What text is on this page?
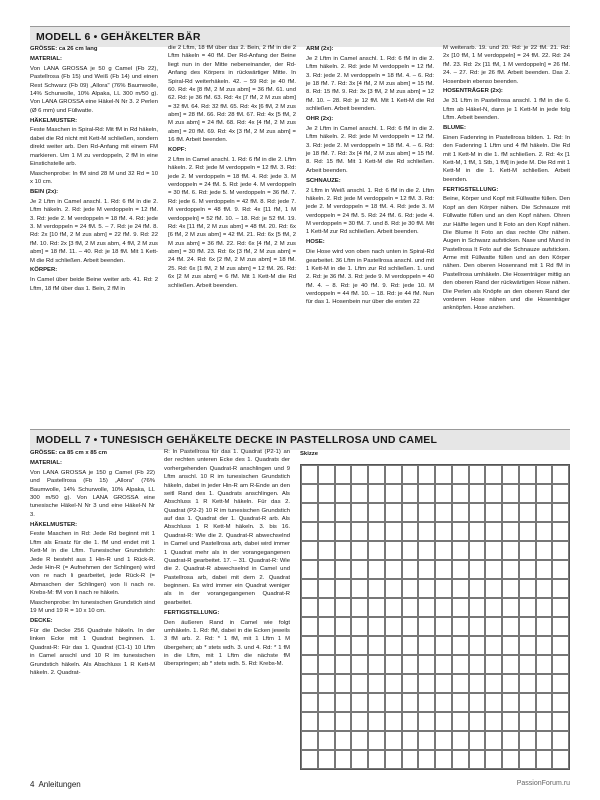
MODELL 6 • GEHÄKELTER BÄR

GRÖSSE: ca 26 cm lang

MATERIAL:

Von LANA GROSSA je 50 g Camel (Fb 22), Pastellrosa (Fb 15) und Weiß (Fb 14) und einen Rest Schwarz (Fb 09) „Allora" (76% Baumwolle, 14% Schurwolle, 10% Alpaka, LL 300 m/50 g). Von LANA GROSSA eine Häkel-N Nr 3. 2 Perlen (Ø 6 mm) und Füllwatte.

HÄKELMUSTER:

Feste Maschen in Spiral-Rd: Mit fM in Rd häkeln, dabei die Rd nicht mit Kett-M schließen, sondern direkt weiter arb. Den Rd-Anfang mit einem FM markieren. Um 1 M zu verdoppeln, 2 fM in eine Einstichstelle arb.

Maschenprobe: In fM sind 28 M und 32 Rd = 10 x 10 cm.

BEIN (2x):

Je 2 Lftm in Camel anschl. 1. Rd: 6 fM in die 2. Lftm häkeln. 2. Rd: jede M verdoppeln = 12 fM. 3. Rd: jede 2. M verdoppeln = 18 fM. 4. Rd: jede 3. M verdoppeln = 24 fM. 5. – 7. Rd: je 24 fM. 8. Rd: 2x [10 fM, 2 M zus abm] = 22 fM. 9. Rd: 22 fM. 10. Rd: 2x [3 fM, 2 M zus abm, 4 fM, 2 M zus abm] = 18 fM. 11. – 40. Rd: je 18 fM. Mit 1 Kett-M die Rd schließen. Arbeit beenden.

KÖRPER:

In Camel über beide Beine weiter arb. 41. Rd: 2 Lftm, 18 fM über das 1. Bein, 2 fM in

die 2 Lftm, 18 fM über das 2. Bein, 2 fM in die 2 Lftm häkeln = 40 fM. Der Rd-Anfang der Beine liegt nun in der Mitte nebeneinander, der Rd-Anfang des Körpers in rückwärtiger Mitte. In Spiral-Rd weiterhäkeln. 42. – 59 Rd: je 40 fM. 60. Rd: 4x [8 fM, 2 M zus abm] = 36 fM. 61. und 62. Rd: je 36 fM. 63. Rd: 4x [7 fM, 2 M zus abm] = 32 fM. 64. Rd: 32 fM. 65. Rd: 4x [6 fM, 2 M zus abm] = 28 fM. 66. Rd: 28 fM. 67. Rd: 4x [5 fM, 2 M zus abm] = 24 fM. 68. Rd: 4x [4 fM, 2 M zus abm] = 20 fM. 69. Rd: 4x [3 fM, 2 M zus abm] = 16 fM. Arbeit beenden.

KOPF:

2 Lftm in Camel anschl. 1. Rd: 6 fM in die 2. Lftm häkeln. 2. Rd: jede M verdoppeln = 12 fM. 3. Rd: jede 2. M verdoppeln = 18 fM. 4. Rd: jede 3. M verdoppeln = 24 fM. 5. Rd: jede 4. M verdoppeln = 30 fM. 6. Rd: jede 5. M verdoppeln = 36 fM. 7. Rd: jede 6. M verdoppeln = 42 fM. 8. Rd: jede 7. M verdoppeln = 48 fM. 9. Rd: 4x [11 fM, 1 M verdoppeln] = 52 fM. 10. – 18. Rd: je 52 fM. 19. Rd: 4x [11 fM, 2 M zus abm] = 48 fM. 20. Rd: 6x [6 fM, 2 M zus abm] = 42 fM. 21. Rd: 6x [5 fM, 2 M zus abm] = 36 fM. 22. Rd: 6x [4 fM, 2 M zus abm] = 30 fM. 23. Rd: 6x [3 fM, 2 M zus abm] = 24 fM. 24. Rd: 6x [2 fM, 2 M zus abm] = 18 fM. 25. Rd: 6x [1 fM, 2 M zus abm] = 12 fM. 26. Rd: 6x [2 M zus abm] = 6 fM. Mit 1 Kett-M die Rd schließen. Arbeit beenden.

ARM (2x):

Je 2 Lftm in Camel anschl. 1. Rd: 6 fM in die 2. Lftm häkeln. 2. Rd: jede M verdoppeln = 12 fM. 3. Rd: jede 2. M verdoppeln = 18 fM. 4. – 6. Rd: je 18 fM. 7. Rd: 3x [4 fM, 2 M zus abm] = 15 fM. 8. Rd: 15 fM. 9. Rd: 3x [3 fM, 2 M zus abm] = 12 fM. 10. – 28. Rd: je 12 fM. Mit 1 Kett-M die Rd schließen. Arbeit beenden.

OHR (2x):

Je 2 Lftm in Camel anschl. 1. Rd: 6 fM in die 2. Lftm häkeln. 2. Rd: jede M verdoppeln = 12 fM. 3. Rd: jede 2. M verdoppeln = 18 fM. 4. – 6. Rd: je 18 fM. 7. Rd: 3x [4 fM, 2 M zus abm] = 15 fM. 8. Rd: 15 fM. Mit 1 Kett-M die Rd schließen. Arbeit beenden.

SCHNAUZE:

2 Lftm in Weiß anschl. 1. Rd: 6 fM in die 2. Lftm häkeln. 2. Rd: jede M verdoppeln = 12 fM. 3. Rd: jede 2. M verdoppeln = 18 fM. 4. Rd: jede 3. M verdoppeln = 24 fM. 5. Rd: 24 fM. 6. Rd: jede 4. M verdoppeln = 30 fM. 7. und 8. Rd: je 30 fM. Mit 1 Kett-M zur Rd schließen. Arbeit beenden.

HOSE:

Die Hose wird von oben nach unten in Spiral-Rd gearbeitet. 36 Lftm in Pastellrosa anschl. und mit 1 Kett-M in die 1. Lftm zur Rd schließen. 1. und 2. Rd: je 36 fM. 3. Rd: jede 9. M verdoppeln = 40 fM. 4. – 8. Rd: je 40 fM. 9. Rd: jede 10. M verdoppeln = 44 fM. 10. – 18. Rd: je 44 fM. Nun für das 1. Hosenbein nur über die ersten 22

M weiterarb. 19. und 20. Rd: je 22 fM. 21. Rd: 2x [10 fM, 1 M verdoppeln] = 24 fM. 22. Rd: 24 fM. 23. Rd: 2x [11 fM, 1 M verdoppeln] = 26 fM. 24. – 27. Rd: je 26 fM. Arbeit beenden. Das 2. Hosenbein ebenso beenden.

HOSENTRÄGER (2x):

Je 31 Lftm in Pastellrosa anschl. 1 fM in die 6. Lftm ab Häkel-N, dann je 1 Kett-M in jede folg Lftm. Arbeit beenden.

BLUME:

Einen Fadenring in Pastellrosa bilden. 1. Rd: In den Fadenring 1 Lftm und 4 fM häkeln. Die Rd mit 1 Kett-M in die 1. fM schließen. 2. Rd: 4x [1 Kett-M, 1 fM, 1 Stb, 1 fM] in jede M. Die Rd mit 1 Kett-M in die 1. Kett-M schließen. Arbeit beenden.

FERTIGSTELLUNG:

Beine, Körper und Kopf mit Füllwatte füllen. Den Kopf an den Körper nähen. Die Schnauze mit Füllwatte füllen und an den Kopf nähen. Ohren zur Hälfte legen und lt Foto an den Kopf nähen. Die Blume lt Foto an das rechte Ohr nähen. Augen in Schwarz aufsticken. Nase und Mund in Pastellrosa lt Foto auf die Schnauze aufsticken. Arme mit Füllwatte füllen und an den Körper nähen. Den oberen Hosenrand mit 1 Rd fM in Pastellrosa umhäkeln. Die Hosenträger mittig an den oberen Rand der rückwärtigen Hose nähen. Die Perlen als Knöpfe an den oberen Rand der vorderen Hose nähen und die Hosenträger anknöpfen. Hose anziehen.

MODELL 7 • TUNESISCH GEHÄKELTE DECKE IN PASTELLROSA UND CAMEL

GRÖSSE: ca 85 cm x 85 cm

MATERIAL:

Von LANA GROSSA je 150 g Camel (Fb 22) und Pastellrosa (Fb 15) „Allora" (76% Baumwolle, 14% Schurwolle, 10% Alpaka, LL 300 m/50 g). Von LANA GROSSA eine tunesische Häkel-N Nr 3 und eine Häkel-N Nr 3.

HÄKELMUSTER:

Feste Maschen in Rd: Jede Rd beginnt mit 1 Lftm als Ersatz für die 1. fM und endet mit 1 Kett-M in die Lftm. Tunesischer Grundstich: Jede R besteht aus 1 Hin-R und 1 Rück-R. Jede Hin-R (= Aufnehmen der Schlingen) wird von re nach li gearbeitet, jede Rück-R (= Abmaschen der Schlingen) von li nach re. Krebs-M: fM von li nach re häkeln.

Maschenprobe: Im tunesischen Grundstich sind 19 M und 19 R = 10 x 10 cm.

DECKE:

Für die Decke 256 Quadrate häkeln. In der linken Ecke mit 1 Quadrat beginnen. 1. Quadrat-R: Für das 1. Quadrat (C1-1) 10 Lftm in Camel anschl und 10 R im tunesischen Grundstich häkeln. Als Abschluss 1 R Kett-M häkeln. 2. Quadrat-

R: In Pastellrosa für das 1. Quadrat (P2-1) an der rechten unteren Ecke des 1. Quadrats der vorhergehenden Quadrat-R anschlingen und 9 Lftm anschl. 10 R im tunesischen Grundstich häkeln, dabei in jeder Hin-R am R-Ende an den seitl Rand des 1. Quadrats anschlingen. Als Abschluss 1 R Kett-M häkeln. Für das 2. Quadrat (P2-2) 10 R im tunesischen Grundstich auf das 1. Quadrat der 1. Quadrat-R arb. Als Abschluss 1 R Kett-M häkeln. 3. bis 16. Quadrat-R: Wie die 2. Quadrat-R abwechselnd in Camel und Pastellrosa arb, dabei wird immer 1 Quadrat mehr als in der vorangegangenen Quadrat-R gearbeitet. 17. – 31. Quadrat-R: Wie die 2. Quadrat-R abwechselnd in Camel und Pastellrosa arb, dabei mit dem 2. Quadrat beginnen. Es wird immer ein Quadrat weniger als in der vorangegangenen Quadrat-R gearbeitet.

FERTIGSTELLUNG:

Den äußeren Rand in Camel wie folgt umhäkeln. 1. Rd: fM, dabei in die Ecken jeweils 3 fM arb. 2. Rd: * 1 fM, mit 1 Lftm 1 M übergehen; ab * stets wdh. 3. und 4. Rd: * 1 fM in die Lftm, mit 1 Lftm die nächste fM überspringen; ab * stets wdh. 5. Rd: Krebs-M.

Skizze
4 Anleitungen	PassionForum.ru
